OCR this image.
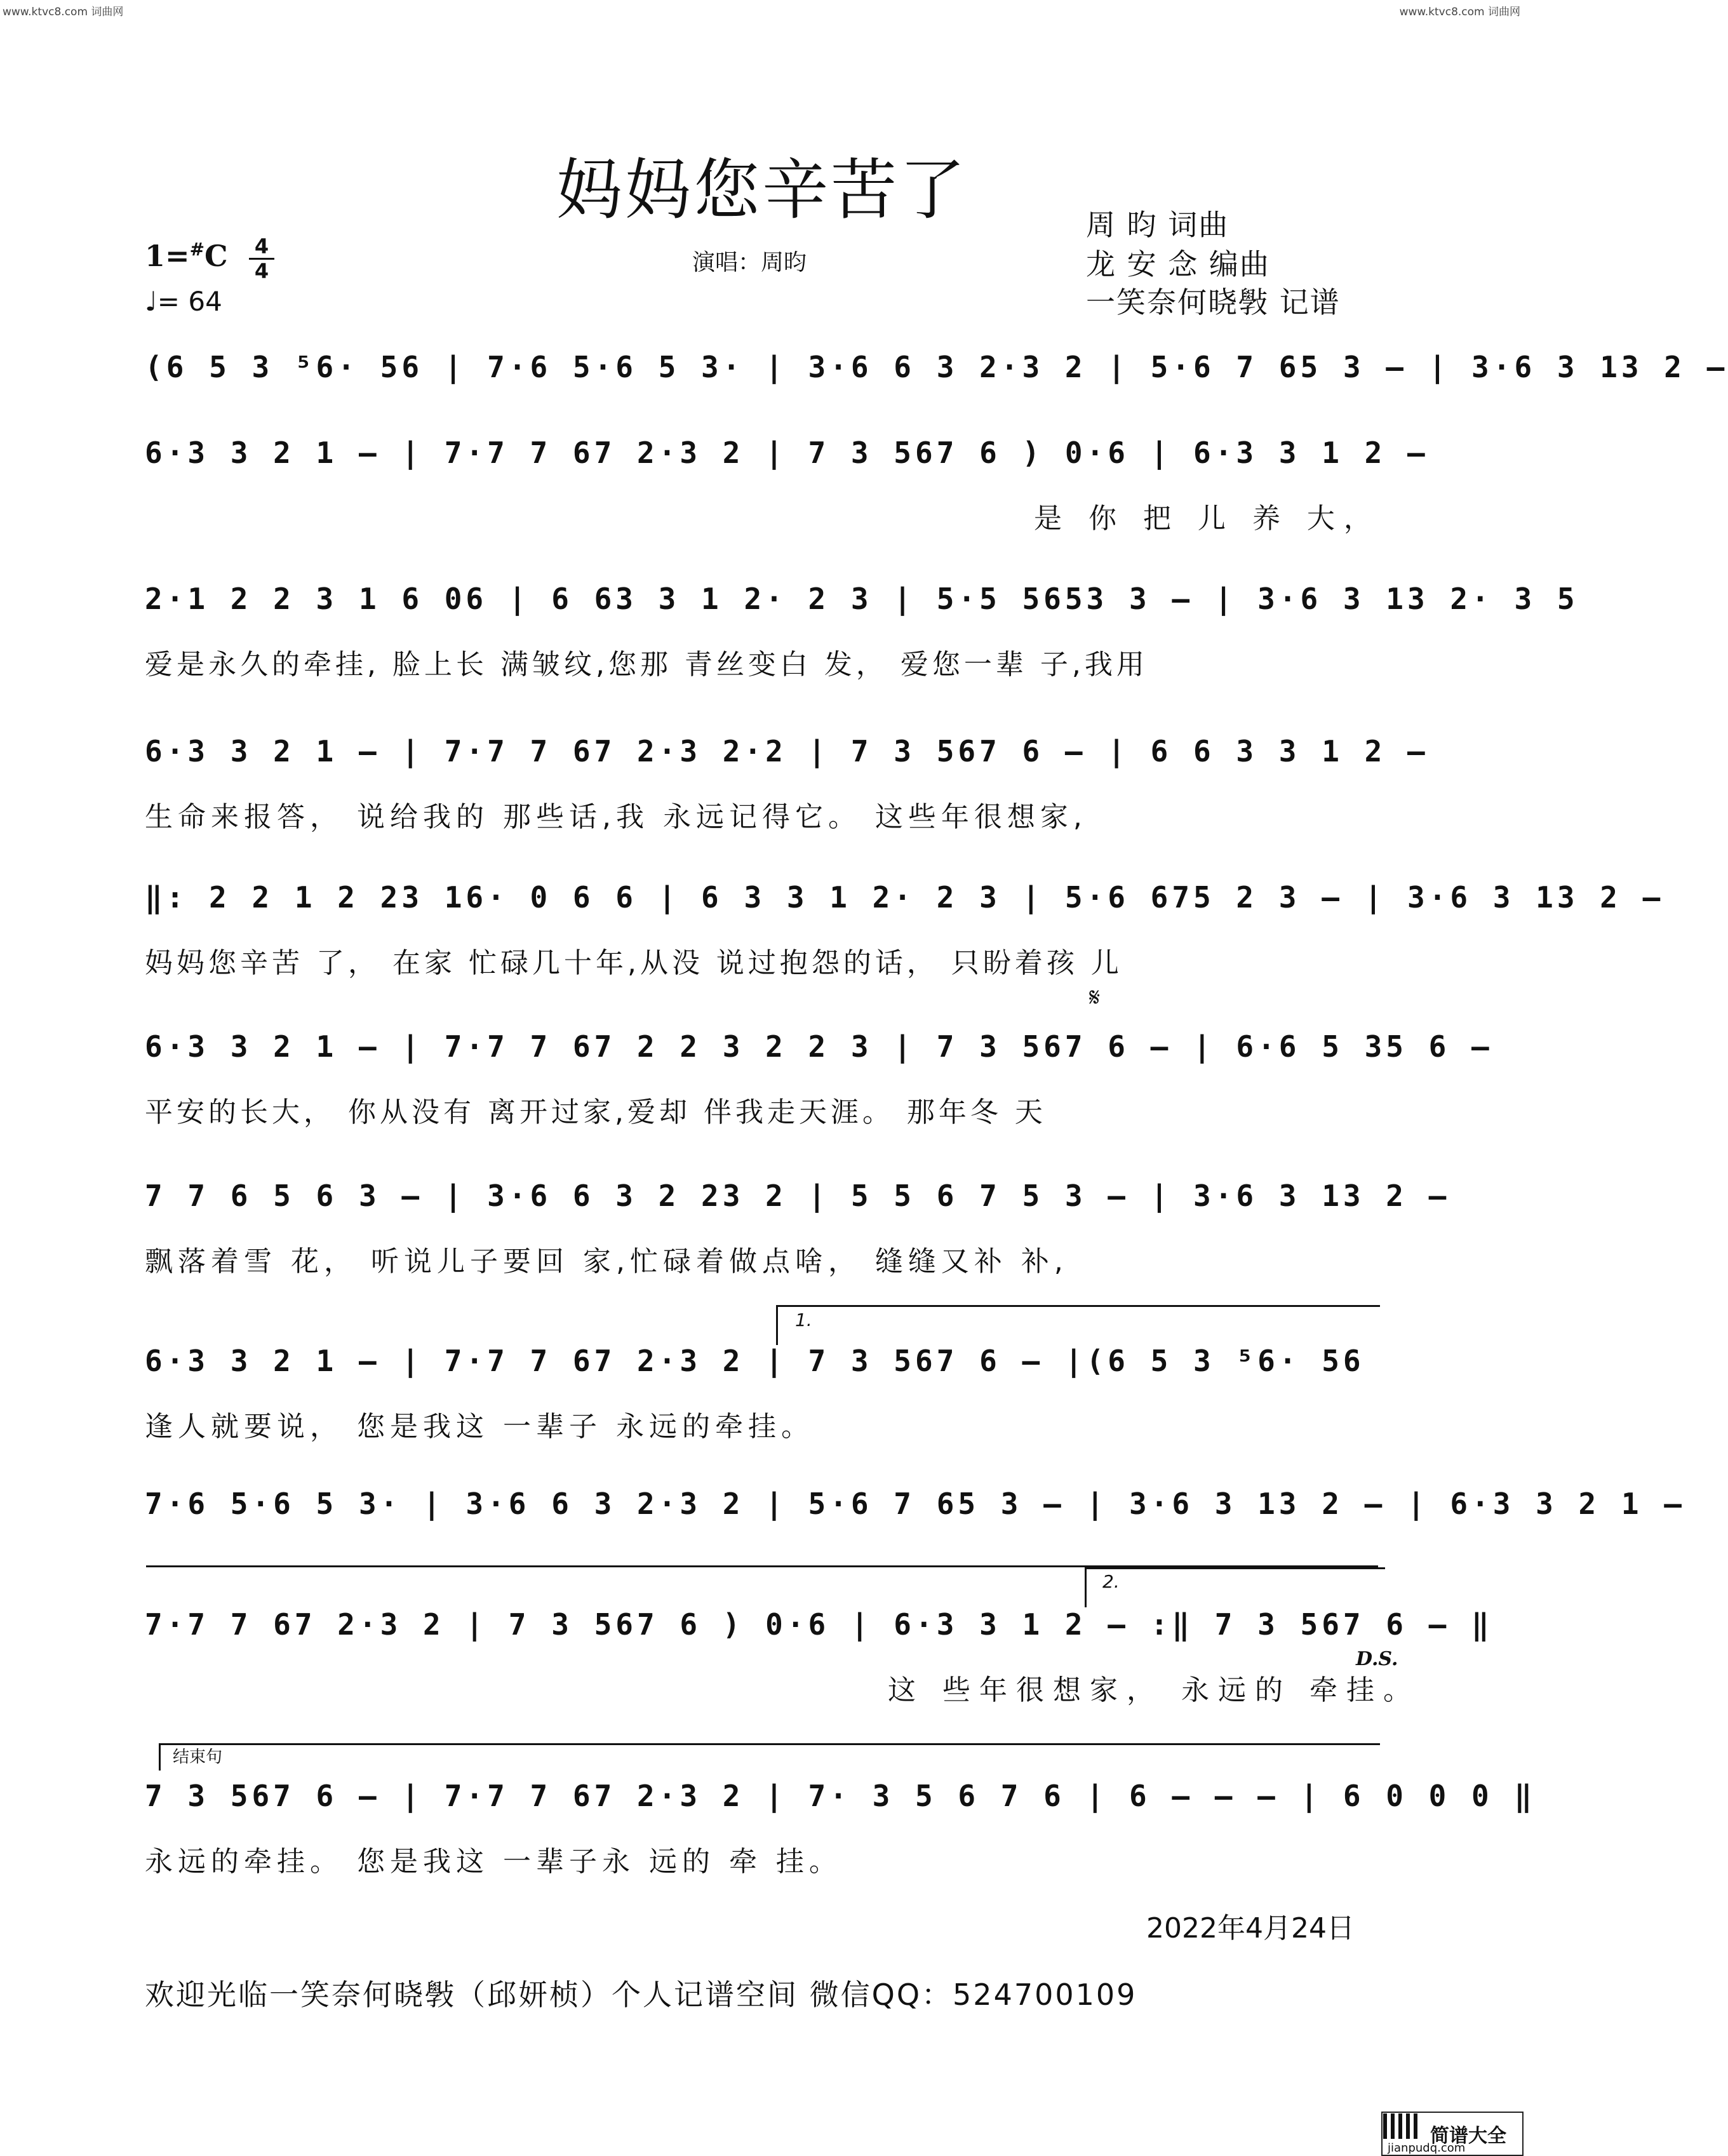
www.ktvc8.com 词曲网	www.ktvc8.com 词曲网
妈妈您辛苦了	周 昀 词曲
龙 安 念 编曲
一笑奈何晓斅 记谱
1=#C 4
4
♩= 64
演唱：周昀
(6 5 3 ⁵6· 56 | 7·6 5·6 5 3· | 3·6 6 3 2·3 2 | 5·6 7 65 3 – | 3·6 3 13 2 –
6·3 3 2 1 – | 7·7 7 67 2·3 2 | 7 3 567 6 ) 0·6 | 6·3 3 1 2 –
是 你 把 儿 养 大，
2·1 2 2 3 1 6 06 | 6 63 3 1 2· 2 3 | 5·5 5653 3 – | 3·6 3 13 2· 3 5
爱是永久的牵挂, 脸上长 满皱纹,您那 青丝变白 发， 爱您一辈 子,我用
6·3 3 2 1 – | 7·7 7 67 2·3 2·2 | 7 3 567 6 – | 6 6 3 3 1 2 –
生命来报答， 说给我的 那些话,我 永远记得它。 这些年很想家,
‖: 2 2 1 2 23 16· 0 6 6 | 6 3 3 1 2· 2 3 | 5·6 675 2 3 – | 3·6 3 13 2 –
妈妈您辛苦 了， 在家 忙碌几十年,从没 说过抱怨的话， 只盼着孩 儿
𝄋
6·3 3 2 1 – | 7·7 7 67 2 2 3 2 2 3 | 7 3 567 6 – | 6·6 5 35 6 –
平安的长大， 你从没有 离开过家,爱却 伴我走天涯。 那年冬 天
7 7 6 5 6 3 – | 3·6 6 3 2 23 2 | 5 5 6 7 5 3 – | 3·6 3 13 2 –
飘落着雪 花， 听说儿子要回 家,忙碌着做点啥， 缝缝又补 补,
1.
6·3 3 2 1 – | 7·7 7 67 2·3 2 | 7 3 567 6 – |(6 5 3 ⁵6· 56
逢人就要说， 您是我这 一辈子 永远的牵挂。
7·6 5·6 5 3· | 3·6 6 3 2·3 2 | 5·6 7 65 3 – | 3·6 3 13 2 – | 6·3 3 2 1 –
2.
7·7 7 67 2·3 2 | 7 3 567 6 ) 0·6 | 6·3 3 1 2 – :‖ 7 3 567 6 – ‖
这 些年很想家， 永远的 牵挂。
D.S.
结束句
7 3 567 6 – | 7·7 7 67 2·3 2 | 7· 3 5 6 7 6 | 6 – – – | 6 0 0 0 ‖
永远的牵挂。 您是我这 一辈子永 远的 牵 挂。
2022年4月24日
欢迎光临一笑奈何晓斅（邱妍桢）个人记谱空间 微信QQ：524700109
简谱大全
jianpudq.com
